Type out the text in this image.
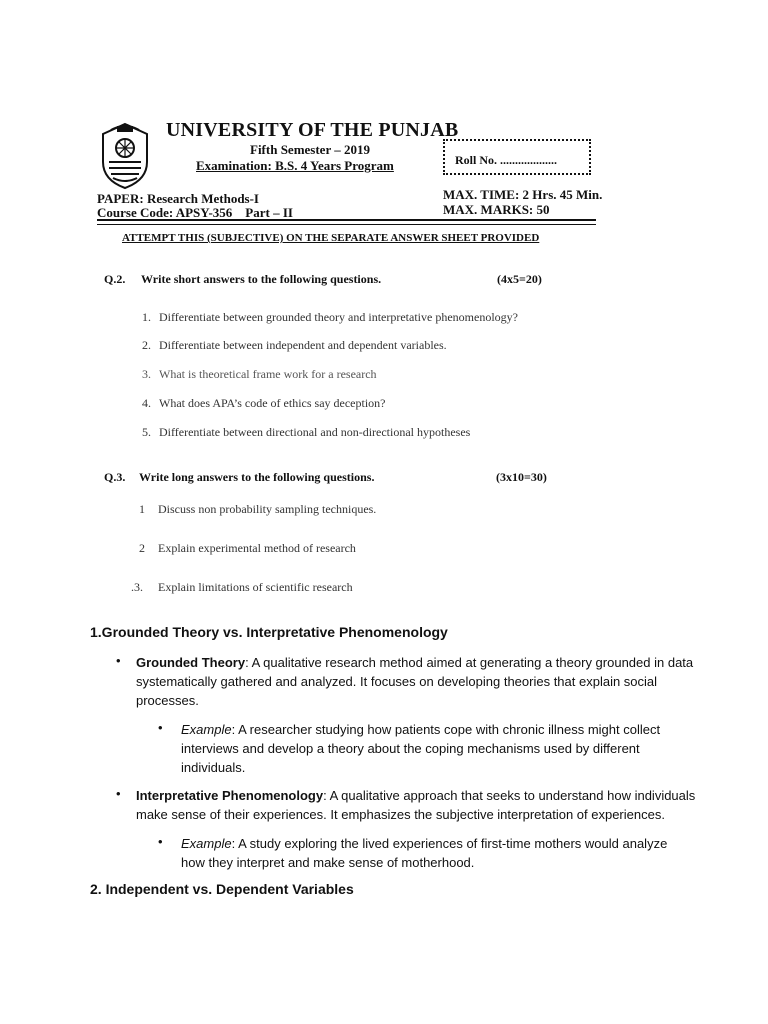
UNIVERSITY OF THE PUNJAB
Fifth Semester – 2019
Examination: B.S. 4 Years Program	Roll No. ...................
PAPER: Research Methods-I
Course Code: APSY-356    Part – II
MAX. TIME: 2 Hrs. 45 Min.
MAX. MARKS: 50
ATTEMPT THIS (SUBJECTIVE) ON THE SEPARATE ANSWER SHEET PROVIDED
Q.2. Write short answers to the following questions.	(4x5=20)
1. Differentiate between grounded theory and interpretative phenomenology?
2. Differentiate between independent and dependent variables.
3. What is theoretical frame work for a research
4. What does APA’s code of ethics say deception?
5. Differentiate between directional and non-directional hypotheses
Q.3. Write long answers to the following questions.	(3x10=30)
1 Discuss non probability sampling techniques.
2 Explain experimental method of research
.3. Explain limitations of scientific research
1.Grounded Theory vs. Interpretative Phenomenology
• Grounded Theory: A qualitative research method aimed at generating a theory grounded in data systematically gathered and analyzed. It focuses on developing theories that explain social processes.
• Example: A researcher studying how patients cope with chronic illness might collect interviews and develop a theory about the coping mechanisms used by different individuals.
• Interpretative Phenomenology: A qualitative approach that seeks to understand how individuals make sense of their experiences. It emphasizes the subjective interpretation of experiences.
• Example: A study exploring the lived experiences of first-time mothers would analyze how they interpret and make sense of motherhood.
2. Independent vs. Dependent Variables
